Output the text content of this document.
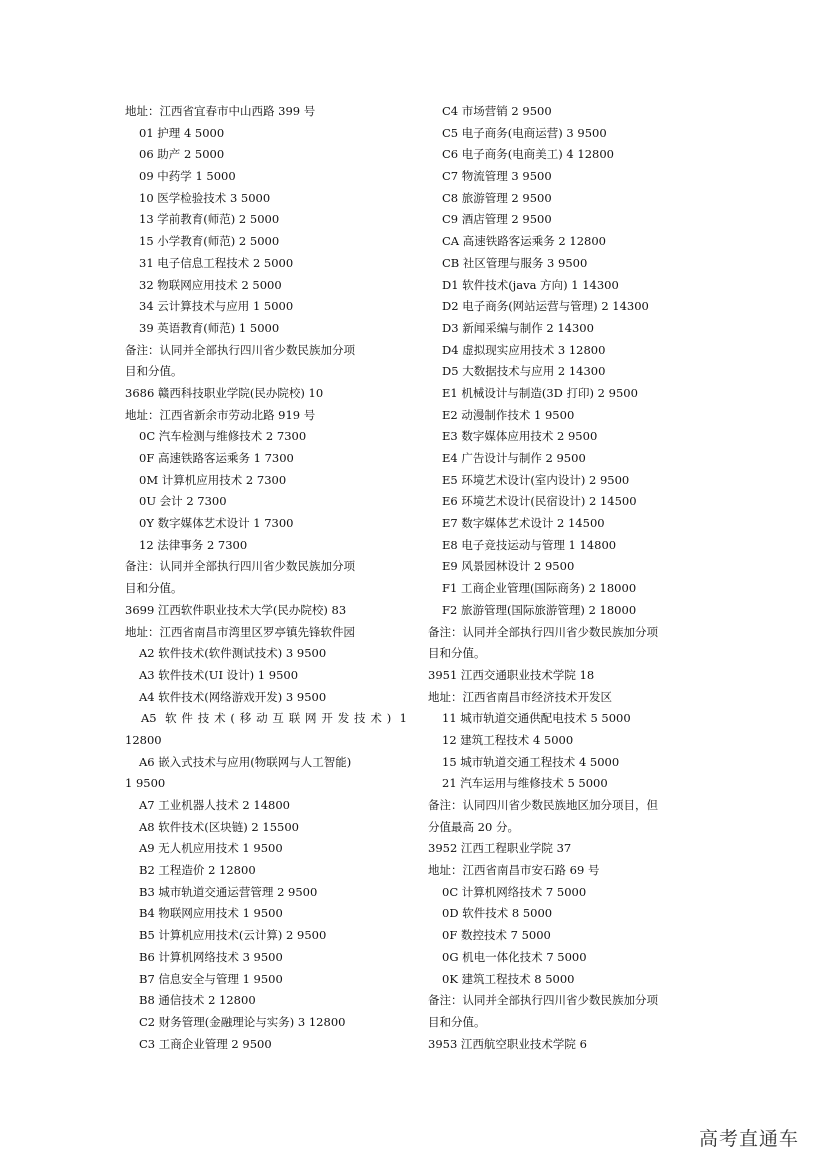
地址：江西省宜春市中山西路 399 号
01 护理 4 5000
06 助产 2 5000
09 中药学 1 5000
10 医学检验技术 3 5000
13 学前教育(师范) 2 5000
15 小学教育(师范) 2 5000
31 电子信息工程技术 2 5000
32 物联网应用技术 2 5000
34 云计算技术与应用 1 5000
39 英语教育(师范) 1 5000
备注：认同并全部执行四川省少数民族加分项
目和分值。
3686 赣西科技职业学院(民办院校) 10
地址：江西省新余市劳动北路 919 号
0C 汽车检测与维修技术 2 7300
0F 高速铁路客运乘务 1 7300
0M 计算机应用技术 2 7300
0U 会计 2 7300
0Y 数字媒体艺术设计 1 7300
12 法律事务 2 7300
备注：认同并全部执行四川省少数民族加分项
目和分值。
3699 江西软件职业技术大学(民办院校) 83
地址：江西省南昌市湾里区罗亭镇先锋软件园
A2 软件技术(软件测试技术) 3 9500
A3 软件技术(UI 设计) 1 9500
A4 软件技术(网络游戏开发) 3 9500
A5 软件技术(移动互联网开发技术) 1
12800
A6 嵌入式技术与应用(物联网与人工智能)
1 9500
A7 工业机器人技术 2 14800
A8 软件技术(区块链) 2 15500
A9 无人机应用技术 1 9500
B2 工程造价 2 12800
B3 城市轨道交通运营管理 2 9500
B4 物联网应用技术 1 9500
B5 计算机应用技术(云计算) 2 9500
B6 计算机网络技术 3 9500
B7 信息安全与管理 1 9500
B8 通信技术 2 12800
C2 财务管理(金融理论与实务) 3 12800
C3 工商企业管理 2 9500
C4 市场营销 2 9500
C5 电子商务(电商运营) 3 9500
C6 电子商务(电商美工) 4 12800
C7 物流管理 3 9500
C8 旅游管理 2 9500
C9 酒店管理 2 9500
CA 高速铁路客运乘务 2 12800
CB 社区管理与服务 3 9500
D1 软件技术(java 方向) 1 14300
D2 电子商务(网站运营与管理) 2 14300
D3 新闻采编与制作 2 14300
D4 虚拟现实应用技术 3 12800
D5 大数据技术与应用 2 14300
E1 机械设计与制造(3D 打印) 2 9500
E2 动漫制作技术 1 9500
E3 数字媒体应用技术 2 9500
E4 广告设计与制作 2 9500
E5 环境艺术设计(室内设计) 2 9500
E6 环境艺术设计(民宿设计) 2 14500
E7 数字媒体艺术设计 2 14500
E8 电子竞技运动与管理 1 14800
E9 风景园林设计 2 9500
F1 工商企业管理(国际商务) 2 18000
F2 旅游管理(国际旅游管理) 2 18000
备注：认同并全部执行四川省少数民族加分项
目和分值。
3951 江西交通职业技术学院 18
地址：江西省南昌市经济技术开发区
11 城市轨道交通供配电技术 5 5000
12 建筑工程技术 4 5000
15 城市轨道交通工程技术 4 5000
21 汽车运用与维修技术 5 5000
备注：认同四川省少数民族地区加分项目，但
分值最高 20 分。
3952 江西工程职业学院 37
地址：江西省南昌市安石路 69 号
0C 计算机网络技术 7 5000
0D 软件技术 8 5000
0F 数控技术 7 5000
0G 机电一体化技术 7 5000
0K 建筑工程技术 8 5000
备注：认同并全部执行四川省少数民族加分项
目和分值。
3953 江西航空职业技术学院 6
高考直通车
